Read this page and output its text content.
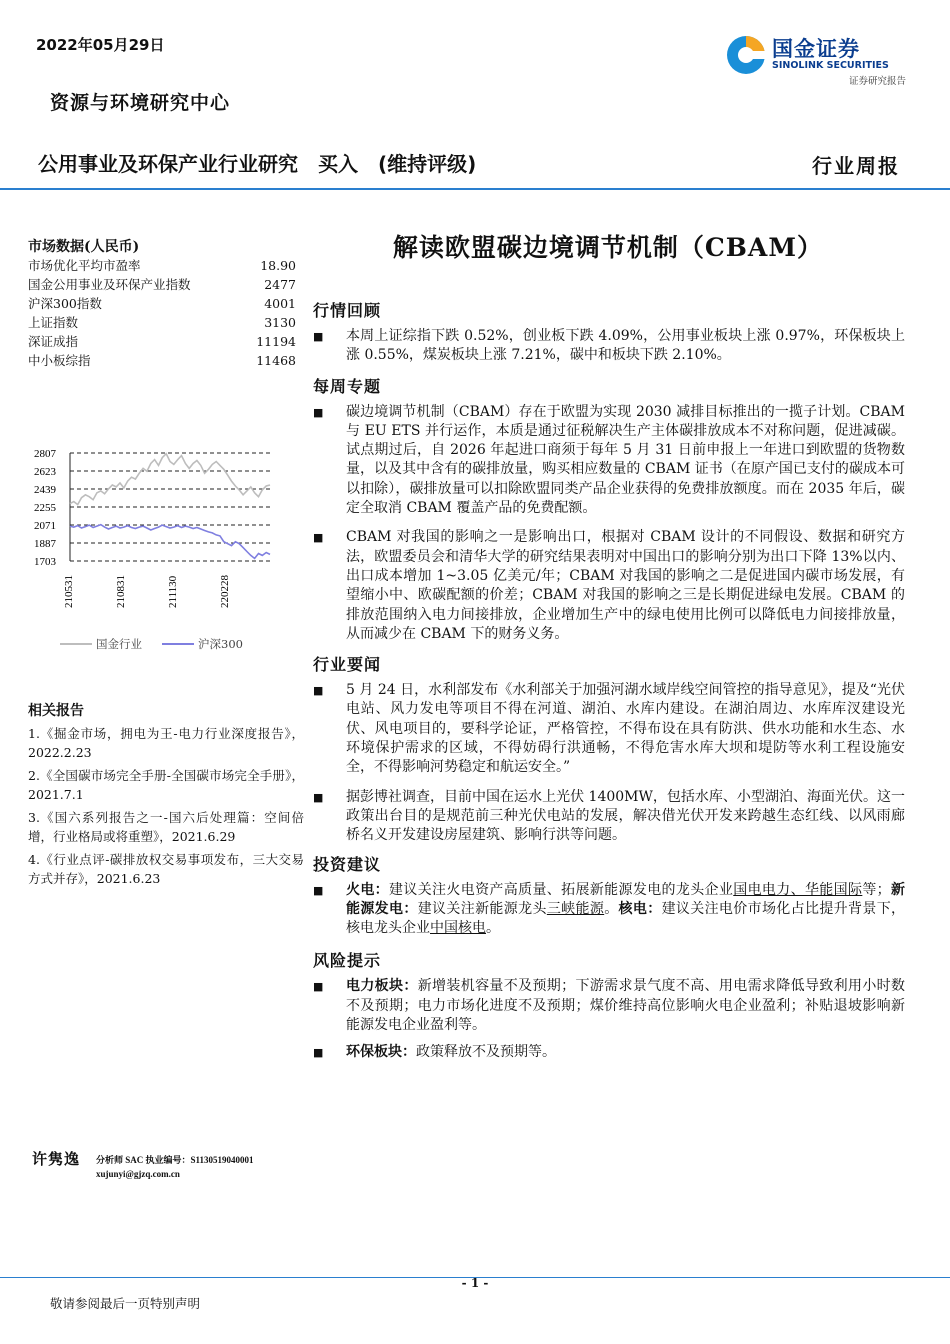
2022年05月29日	国金证券
SINOLINK SECURITIES
证券研究报告
资源与环境研究中心
公用事业及环保产业行业研究　买入　(维持评级)	行业周报
市场数据(人民币)
市场优化平均市盈率	18.90
国金公用事业及环保产业指数	2477
沪深300指数	4001
上证指数	3130
深证成指	11194
中小板综指	11468
2807
2623
2439
2255
2071
1887
1703
210531	210831	211130	220228
国金行业	沪深300
相关报告
1.《掘金市场，拥电为王-电力行业深度报告》，2022.2.23
2.《全国碳市场完全手册-全国碳市场完全手册》，2021.7.1
3.《国六系列报告之一-国六后处理篇：空间倍增，行业格局或将重塑》，2021.6.29
4.《行业点评-碳排放权交易事项发布，三大交易方式并存》，2021.6.23
许隽逸 分析师 SAC 执业编号：S1130519040001
xujunyi@gjzq.com.cn
解读欧盟碳边境调节机制（CBAM）
行情回顾
■	本周上证综指下跌 0.52%，创业板下跌 4.09%，公用事业板块上涨 0.97%，环保板块上涨 0.55%，煤炭板块上涨 7.21%，碳中和板块下跌 2.10%。
每周专题
■	碳边境调节机制（CBAM）存在于欧盟为实现 2030 减排目标推出的一揽子计划。CBAM 与 EU ETS 并行运作，本质是通过征税解决生产主体碳排放成本不对称问题，促进减碳。试点期过后，自 2026 年起进口商须于每年 5 月 31 日前申报上一年进口到欧盟的货物数量，以及其中含有的碳排放量，购买相应数量的 CBAM 证书（在原产国已支付的碳成本可以扣除），碳排放量可以扣除欧盟同类产品企业获得的免费排放额度。而在 2035 年后，碳定全取消 CBAM 覆盖产品的免费配额。
■	CBAM 对我国的影响之一是影响出口，根据对 CBAM 设计的不同假设、数据和研究方法，欧盟委员会和清华大学的研究结果表明对中国出口的影响分别为出口下降 13%以内、出口成本增加 1~3.05 亿美元/年；CBAM 对我国的影响之二是促进国内碳市场发展，有望缩小中、欧碳配额的价差；CBAM 对我国的影响之三是长期促进绿电发展。CBAM 的排放范围纳入电力间接排放，企业增加生产中的绿电使用比例可以降低电力间接排放量，从而减少在 CBAM 下的财务义务。
行业要闻
■	5 月 24 日，水利部发布《水利部关于加强河湖水域岸线空间管控的指导意见》，提及“光伏电站、风力发电等项目不得在河道、湖泊、水库内建设。在湖泊周边、水库库汊建设光伏、风电项目的，要科学论证，严格管控，不得布设在具有防洪、供水功能和水生态、水环境保护需求的区域，不得妨碍行洪通畅，不得危害水库大坝和堤防等水利工程设施安全，不得影响河势稳定和航运安全。”
■	据彭博社调查，目前中国在运水上光伏 1400MW，包括水库、小型湖泊、海面光伏。这一政策出台目的是规范前三种光伏电站的发展，解决借光伏开发来跨越生态红线、以风雨廊桥名义开发建设房屋建筑、影响行洪等问题。
投资建议
■	火电：建议关注火电资产高质量、拓展新能源发电的龙头企业国电电力、华能国际等；新能源发电：建议关注新能源龙头三峡能源。核电：建议关注电价市场化占比提升背景下，核电龙头企业中国核电。
风险提示
■	电力板块：新增装机容量不及预期；下游需求景气度不高、用电需求降低导致利用小时数不及预期；电力市场化进度不及预期；煤价维持高位影响火电企业盈利；补贴退坡影响新能源发电企业盈利等。
■	环保板块：政策释放不及预期等。
- 1 -
敬请参阅最后一页特别声明
